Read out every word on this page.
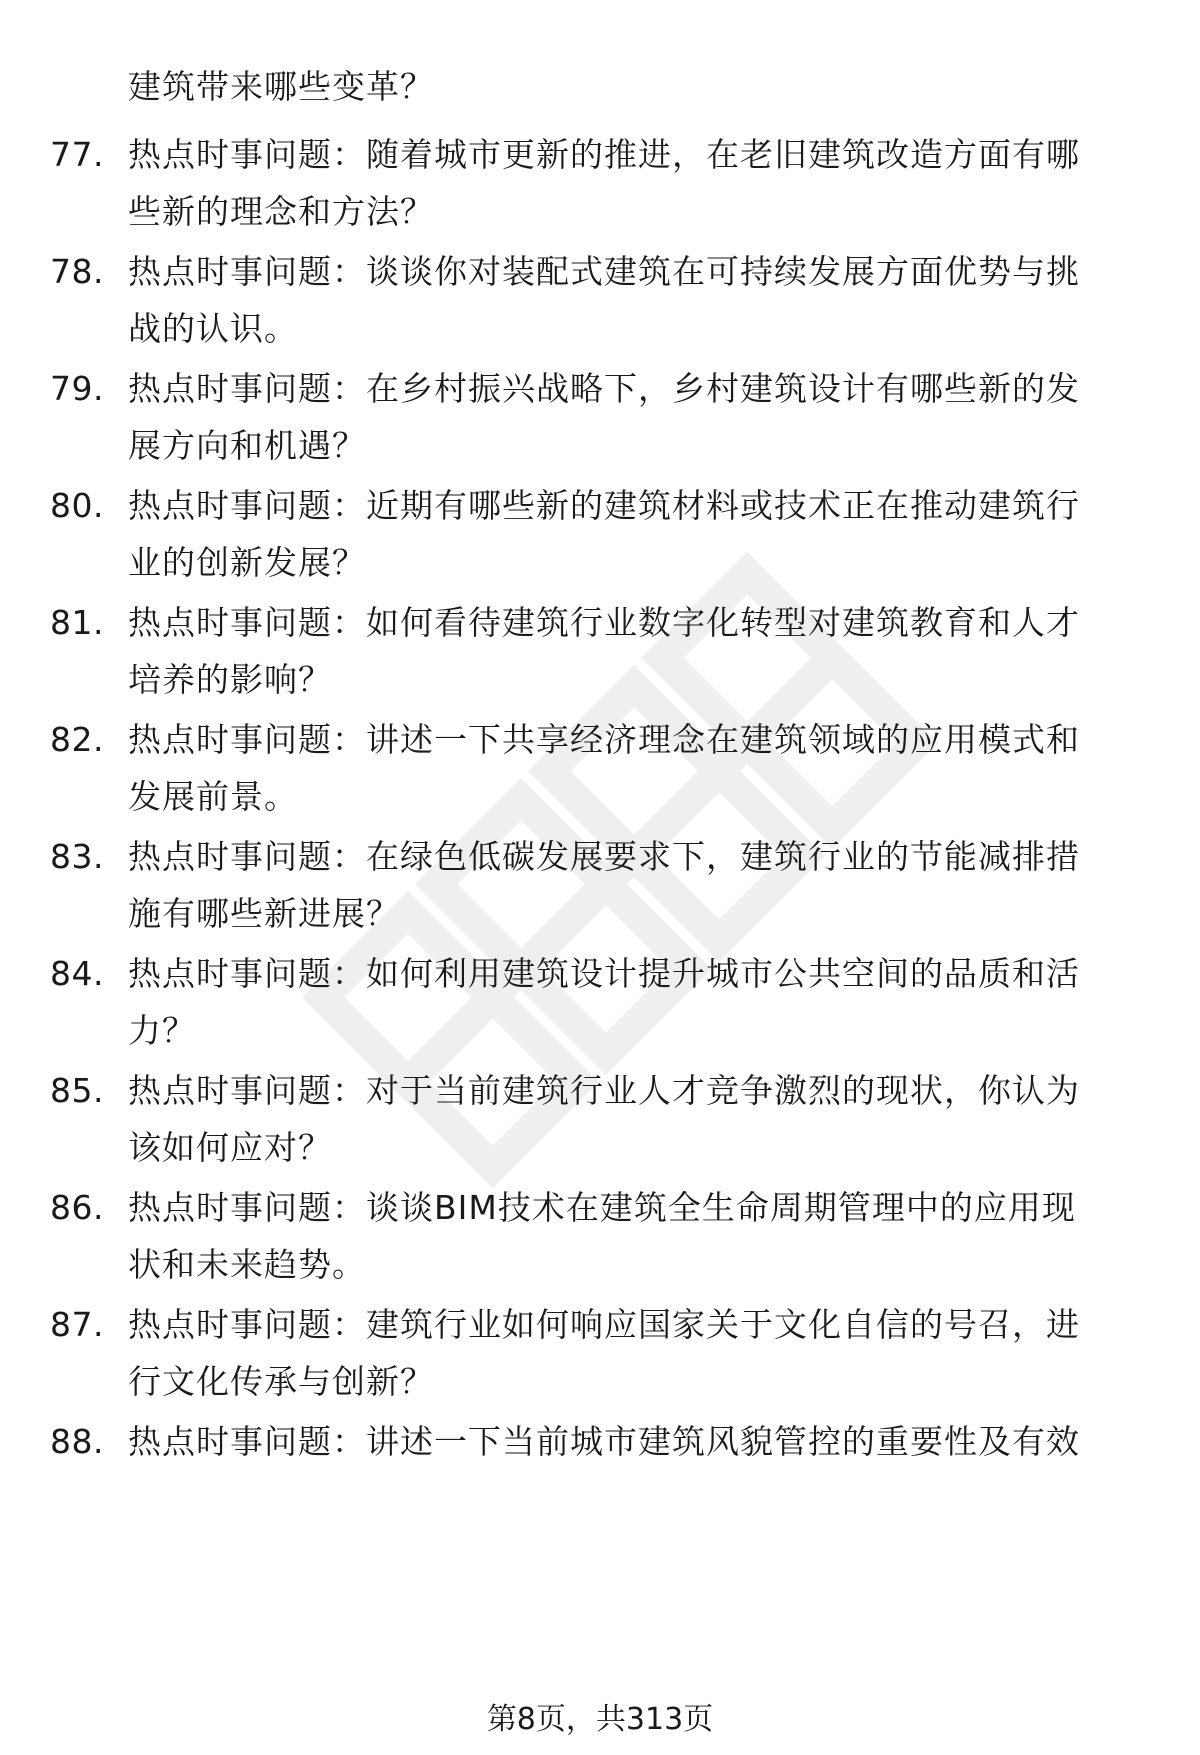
建筑带来哪些变革？
77. 热点时事问题：随着城市更新的推进，在老旧建筑改造方面有哪
些新的理念和方法？
78. 热点时事问题：谈谈你对装配式建筑在可持续发展方面优势与挑
战的认识。
79. 热点时事问题：在乡村振兴战略下，乡村建筑设计有哪些新的发
展方向和机遇？
80. 热点时事问题：近期有哪些新的建筑材料或技术正在推动建筑行
业的创新发展？
81. 热点时事问题：如何看待建筑行业数字化转型对建筑教育和人才
培养的影响？
82. 热点时事问题：讲述一下共享经济理念在建筑领域的应用模式和
发展前景。
83. 热点时事问题：在绿色低碳发展要求下，建筑行业的节能减排措
施有哪些新进展？
84. 热点时事问题：如何利用建筑设计提升城市公共空间的品质和活
力？
85. 热点时事问题：对于当前建筑行业人才竞争激烈的现状，你认为
该如何应对？
86. 热点时事问题：谈谈BIM技术在建筑全生命周期管理中的应用现
状和未来趋势。
87. 热点时事问题：建筑行业如何响应国家关于文化自信的号召，进
行文化传承与创新？
88. 热点时事问题：讲述一下当前城市建筑风貌管控的重要性及有效
第8页，共313页
